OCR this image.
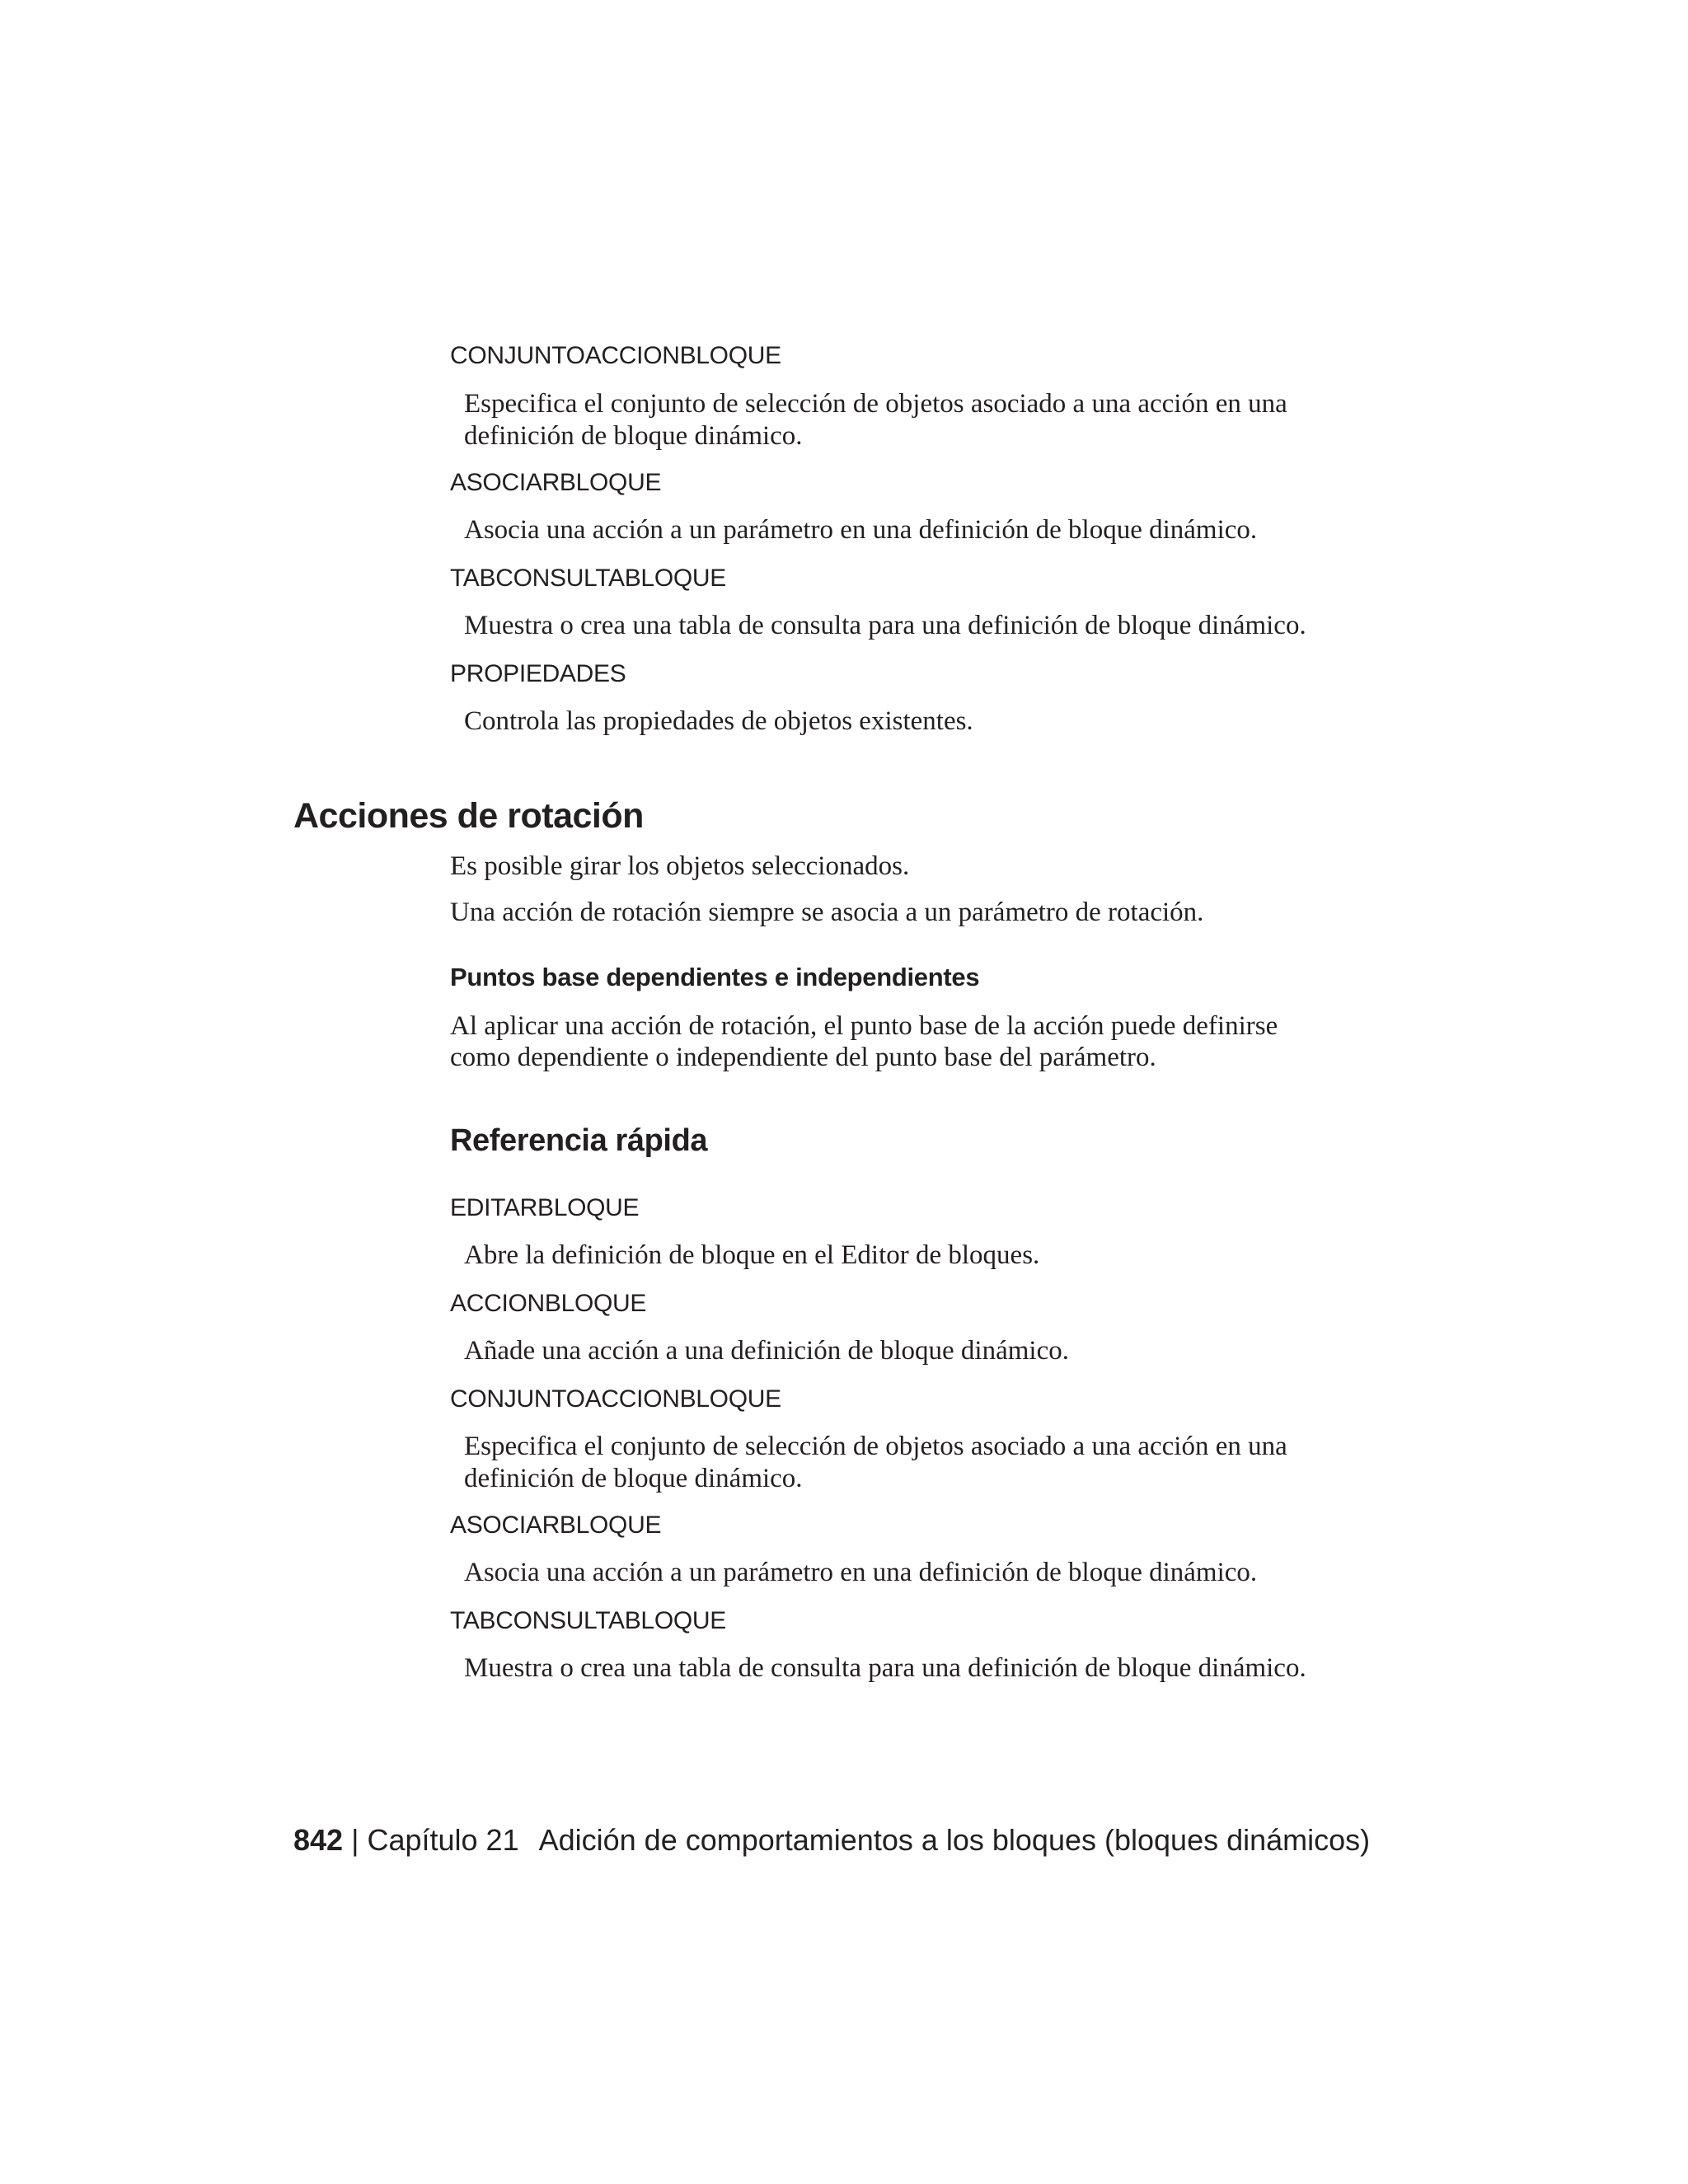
CONJUNTOACCIONBLOQUE
Especifica el conjunto de selección de objetos asociado a una acción en una
definición de bloque dinámico.
ASOCIARBLOQUE
Asocia una acción a un parámetro en una definición de bloque dinámico.
TABCONSULTABLOQUE
Muestra o crea una tabla de consulta para una definición de bloque dinámico.
PROPIEDADES
Controla las propiedades de objetos existentes.
Acciones de rotación
Es posible girar los objetos seleccionados.
Una acción de rotación siempre se asocia a un parámetro de rotación.
Puntos base dependientes e independientes
Al aplicar una acción de rotación, el punto base de la acción puede definirse
como dependiente o independiente del punto base del parámetro.
Referencia rápida
EDITARBLOQUE
Abre la definición de bloque en el Editor de bloques.
ACCIONBLOQUE
Añade una acción a una definición de bloque dinámico.
CONJUNTOACCIONBLOQUE
Especifica el conjunto de selección de objetos asociado a una acción en una
definición de bloque dinámico.
ASOCIARBLOQUE
Asocia una acción a un parámetro en una definición de bloque dinámico.
TABCONSULTABLOQUE
Muestra o crea una tabla de consulta para una definición de bloque dinámico.
842 | Capítulo 21 Adición de comportamientos a los bloques (bloques dinámicos)
